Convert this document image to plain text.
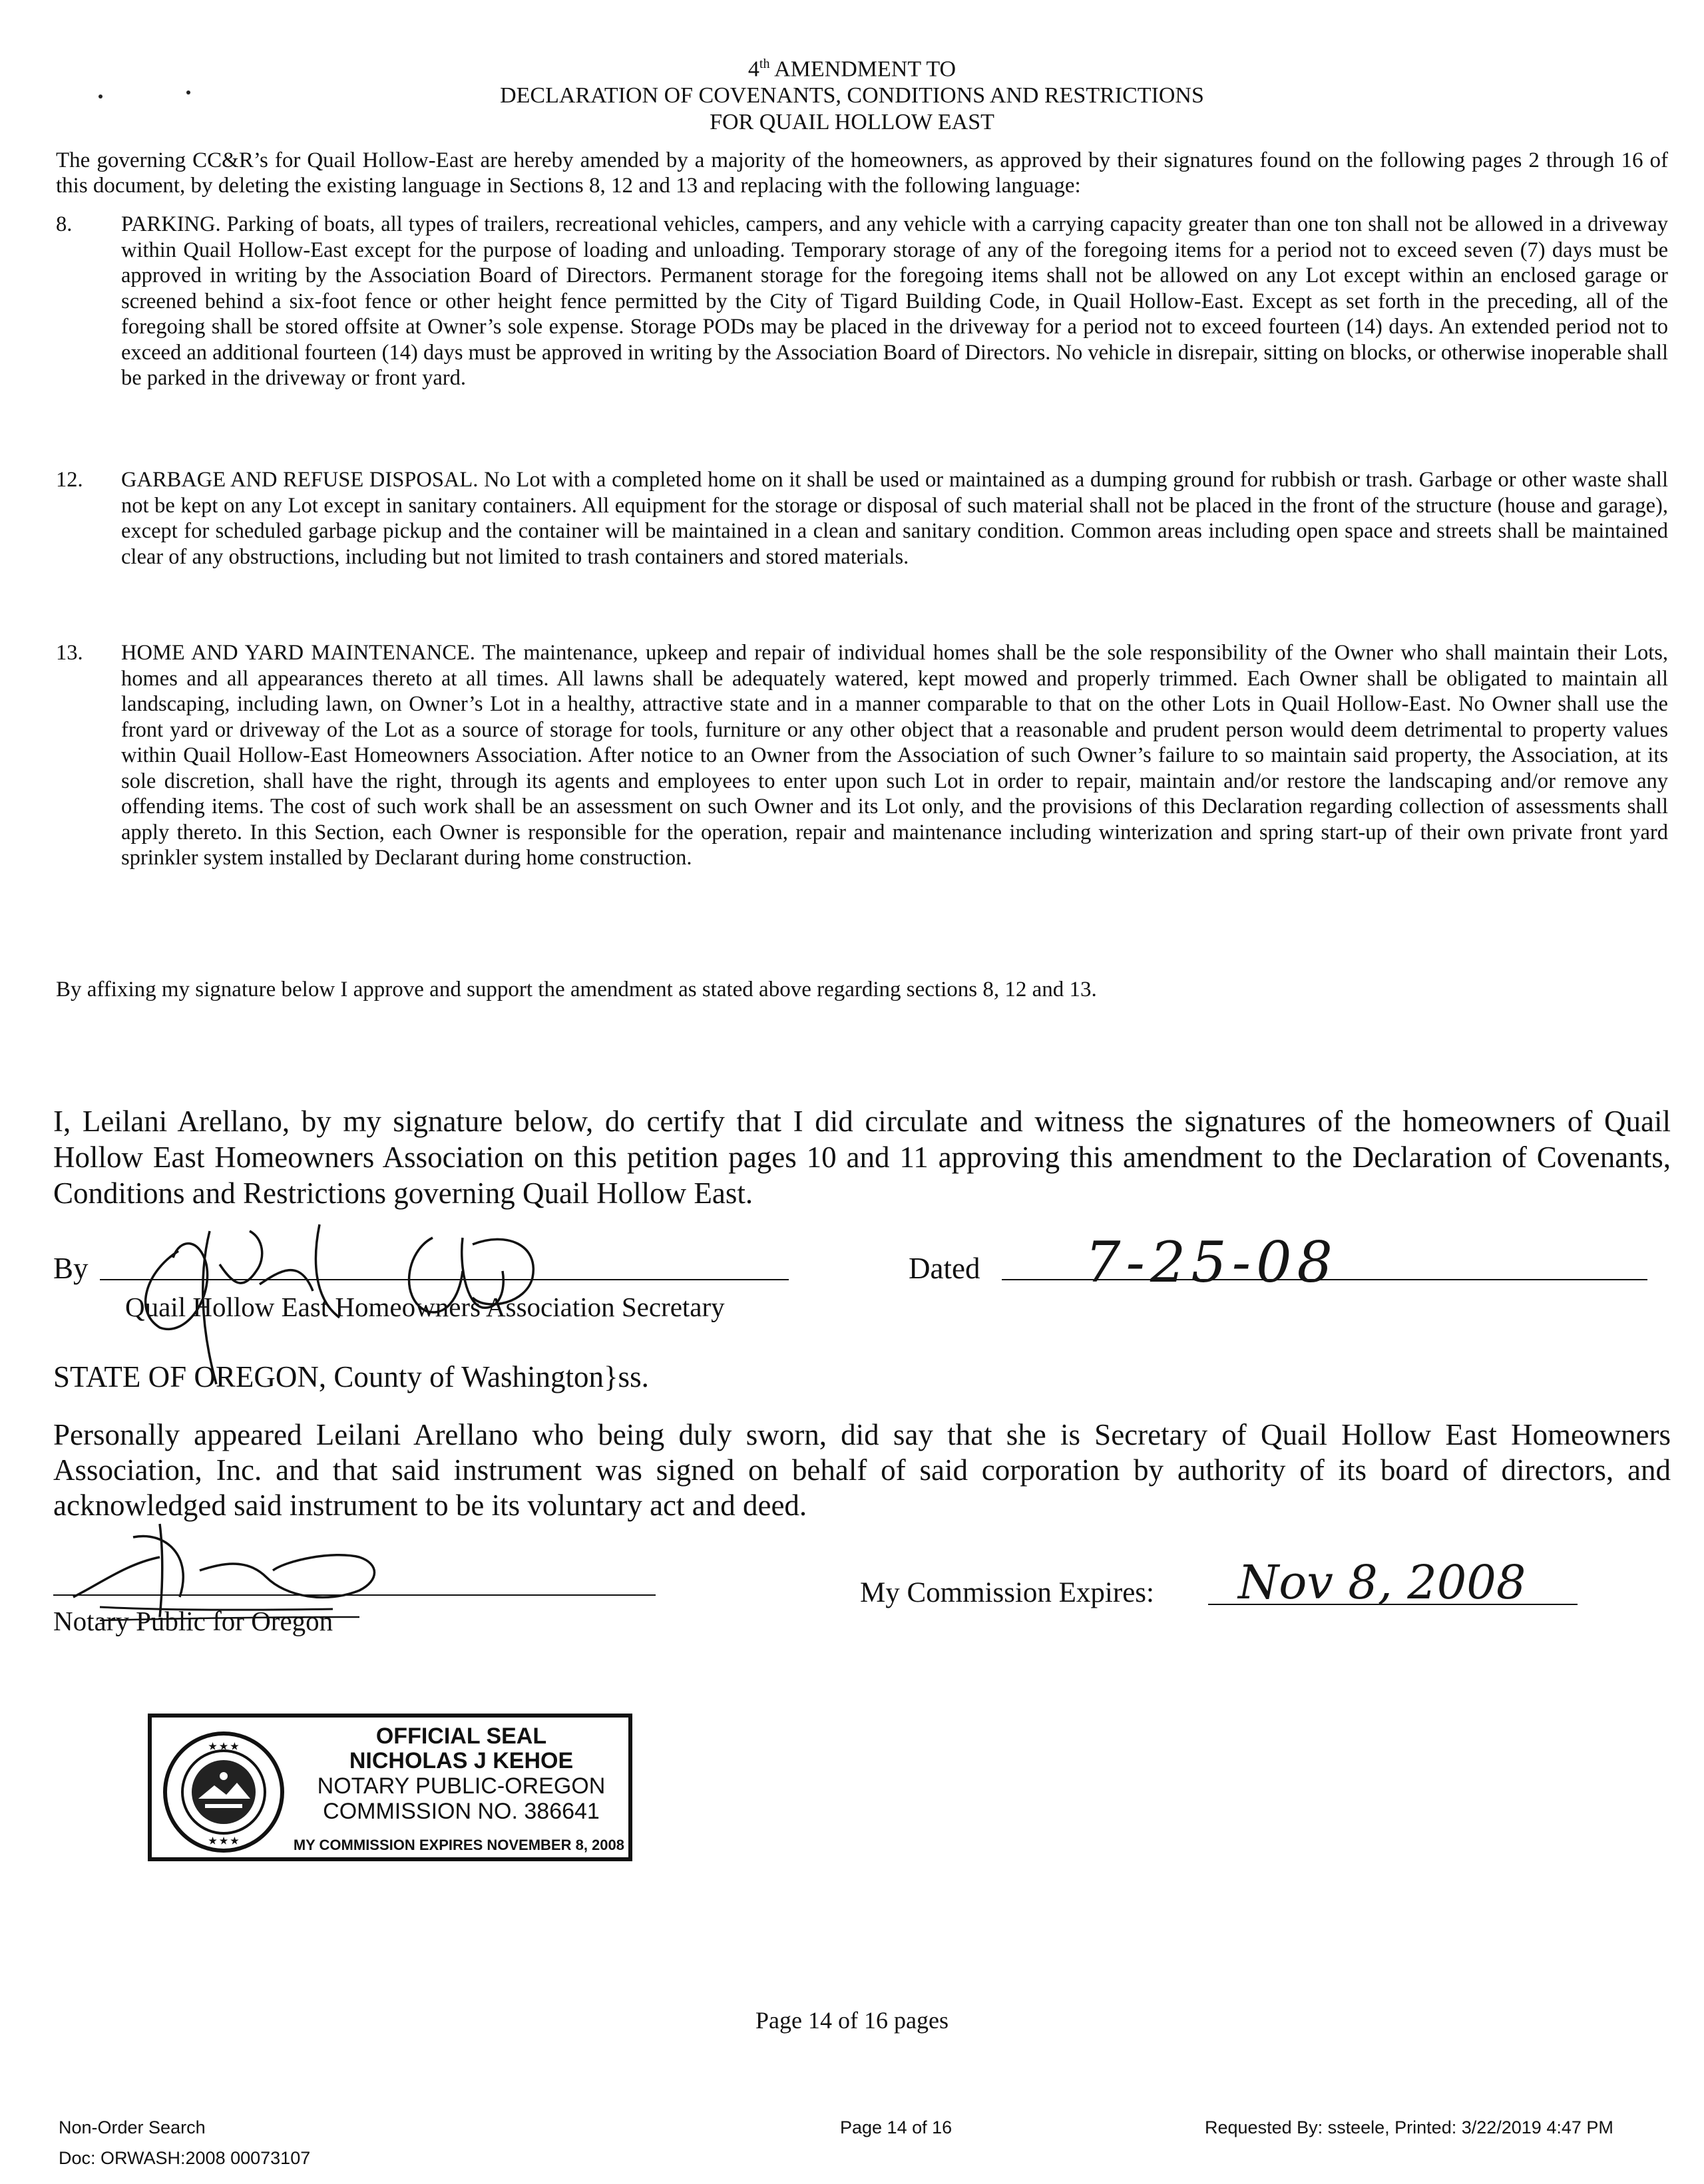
4th AMENDMENT TO
DECLARATION OF COVENANTS, CONDITIONS AND RESTRICTIONS
FOR QUAIL HOLLOW EAST
The governing CC&R’s for Quail Hollow-East are hereby amended by a majority of the homeowners, as approved by their signatures found on the following pages 2 through 16 of this document, by deleting the existing language in Sections 8, 12 and 13 and replacing with the following language:
8. PARKING. Parking of boats, all types of trailers, recreational vehicles, campers, and any vehicle with a carrying capacity greater than one ton shall not be allowed in a driveway within Quail Hollow-East except for the purpose of loading and unloading. Temporary storage of any of the foregoing items for a period not to exceed seven (7) days must be approved in writing by the Association Board of Directors. Permanent storage for the foregoing items shall not be allowed on any Lot except within an enclosed garage or screened behind a six-foot fence or other height fence permitted by the City of Tigard Building Code, in Quail Hollow-East. Except as set forth in the preceding, all of the foregoing shall be stored offsite at Owner’s sole expense. Storage PODs may be placed in the driveway for a period not to exceed fourteen (14) days. An extended period not to exceed an additional fourteen (14) days must be approved in writing by the Association Board of Directors. No vehicle in disrepair, sitting on blocks, or otherwise inoperable shall be parked in the driveway or front yard.
12. GARBAGE AND REFUSE DISPOSAL. No Lot with a completed home on it shall be used or maintained as a dumping ground for rubbish or trash. Garbage or other waste shall not be kept on any Lot except in sanitary containers. All equipment for the storage or disposal of such material shall not be placed in the front of the structure (house and garage), except for scheduled garbage pickup and the container will be maintained in a clean and sanitary condition. Common areas including open space and streets shall be maintained clear of any obstructions, including but not limited to trash containers and stored materials.
13. HOME AND YARD MAINTENANCE. The maintenance, upkeep and repair of individual homes shall be the sole responsibility of the Owner who shall maintain their Lots, homes and all appearances thereto at all times. All lawns shall be adequately watered, kept mowed and properly trimmed. Each Owner shall be obligated to maintain all landscaping, including lawn, on Owner’s Lot in a healthy, attractive state and in a manner comparable to that on the other Lots in Quail Hollow-East. No Owner shall use the front yard or driveway of the Lot as a source of storage for tools, furniture or any other object that a reasonable and prudent person would deem detrimental to property values within Quail Hollow-East Homeowners Association. After notice to an Owner from the Association of such Owner’s failure to so maintain said property, the Association, at its sole discretion, shall have the right, through its agents and employees to enter upon such Lot in order to repair, maintain and/or restore the landscaping and/or remove any offending items. The cost of such work shall be an assessment on such Owner and its Lot only, and the provisions of this Declaration regarding collection of assessments shall apply thereto. In this Section, each Owner is responsible for the operation, repair and maintenance including winterization and spring start-up of their own private front yard sprinkler system installed by Declarant during home construction.
By affixing my signature below I approve and support the amendment as stated above regarding sections 8, 12 and 13.
I, Leilani Arellano, by my signature below, do certify that I did circulate and witness the signatures of the homeowners of Quail Hollow East Homeowners Association on this petition pages 10 and 11 approving this amendment to the Declaration of Covenants, Conditions and Restrictions governing Quail Hollow East.
By
Quail Hollow East Homeowners Association Secretary
Dated 7-25-08
STATE OF OREGON, County of Washington}ss.
Personally appeared Leilani Arellano who being duly sworn, did say that she is Secretary of Quail Hollow East Homeowners Association, Inc. and that said instrument was signed on behalf of said corporation by authority of its board of directors, and acknowledged said instrument to be its voluntary act and deed.
Notary Public for Oregon
My Commission Expires: Nov 8, 2008
★ ★ ★
★ ★ ★
OFFICIAL SEAL
NICHOLAS J KEHOE
NOTARY PUBLIC-OREGON
COMMISSION NO. 386641
MY COMMISSION EXPIRES NOVEMBER 8, 2008
Page 14 of 16 pages
Non-Order Search
Doc: ORWASH:2008 00073107
Page 14 of 16	Requested By: ssteele, Printed: 3/22/2019 4:47 PM
